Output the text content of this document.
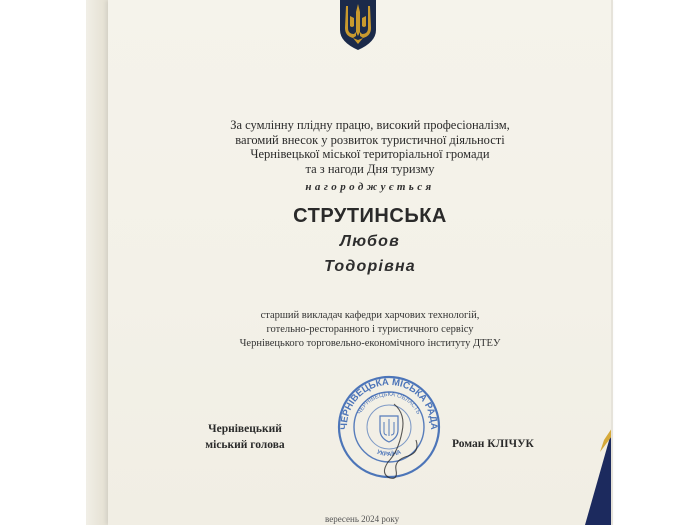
За сумлінну плідну працю, високий професіоналізм,
вагомий внесок у розвиток туристичної діяльності
Чернівецької міської територіальної громади
та з нагоди Дня туризму
нагороджується
СТРУТИНСЬКА
Любов
Тодорівна
старший викладач кафедри харчових технологій,
готельно-ресторанного і туристичного сервісу
Чернівецького торговельно-економічного інституту ДТЕУ
Чернівецький
міський голова
ЧЕРНІВЕЦЬКА МІСЬКА РАДА
ЧЕРНІВЕЦЬКА ОБЛАСТЬ
УКРАЇНА
Роман КЛІЧУК
вересень 2024 року
